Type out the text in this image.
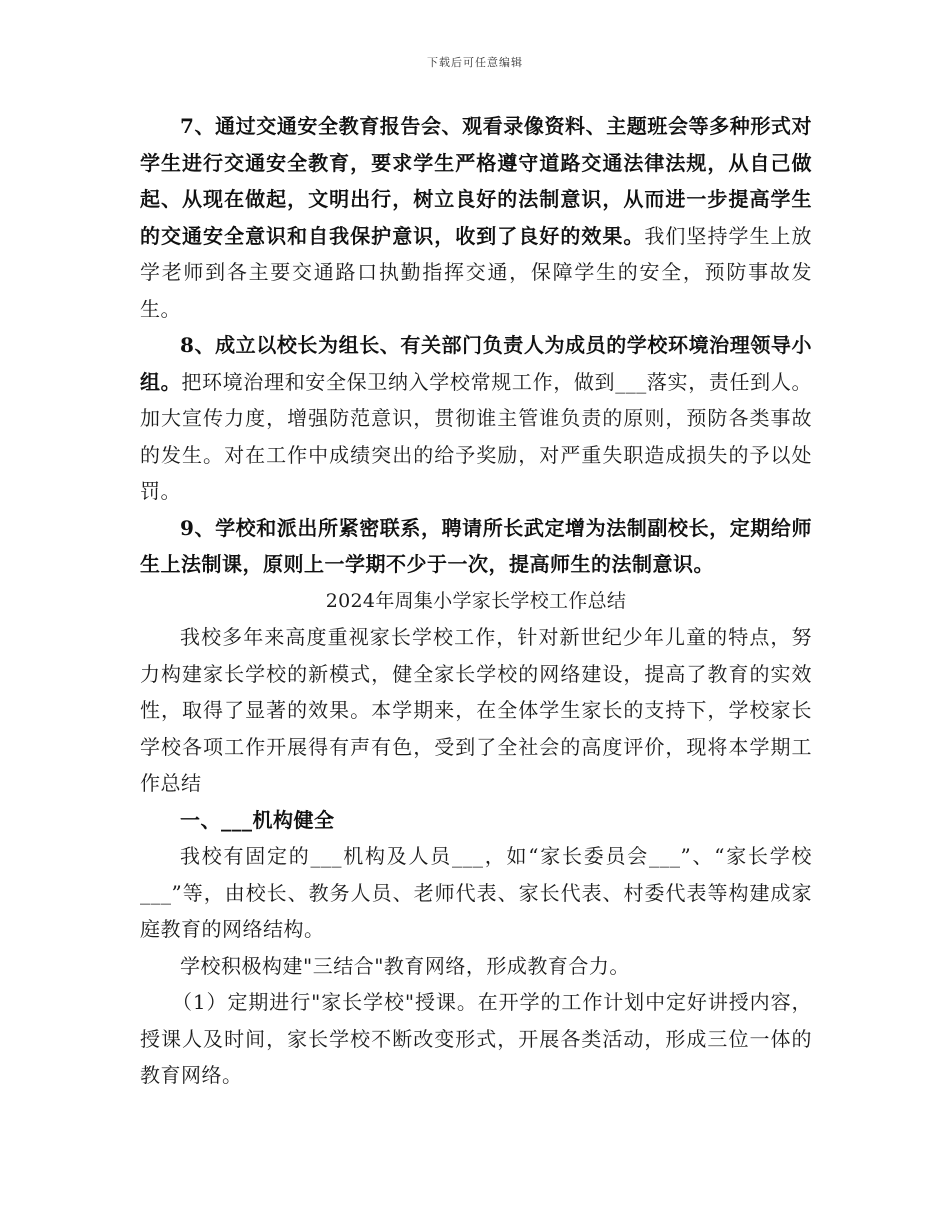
下载后可任意编辑

7、通过交通安全教育报告会、观看录像资料、主题班会等多种形式对学生进行交通安全教育，要求学生严格遵守道路交通法律法规，从自己做起、从现在做起，文明出行，树立良好的法制意识，从而进一步提高学生的交通安全意识和自我保护意识，收到了良好的效果。我们坚持学生上放学老师到各主要交通路口执勤指挥交通，保障学生的安全，预防事故发生。

8、成立以校长为组长、有关部门负责人为成员的学校环境治理领导小组。把环境治理和安全保卫纳入学校常规工作，做到___落实，责任到人。加大宣传力度，增强防范意识，贯彻谁主管谁负责的原则，预防各类事故的发生。对在工作中成绩突出的给予奖励，对严重失职造成损失的予以处罚。

9、学校和派出所紧密联系，聘请所长武定增为法制副校长，定期给师生上法制课，原则上一学期不少于一次，提高师生的法制意识。

2024年周集小学家长学校工作总结

我校多年来高度重视家长学校工作，针对新世纪少年儿童的特点，努力构建家长学校的新模式，健全家长学校的网络建设，提高了教育的实效性，取得了显著的效果。本学期来，在全体学生家长的支持下，学校家长学校各项工作开展得有声有色，受到了全社会的高度评价，现将本学期工作总结

一、___机构健全

我校有固定的___机构及人员___，如“家长委员会___”、“家长学校___”等，由校长、教务人员、老师代表、家长代表、村委代表等构建成家庭教育的网络结构。

学校积极构建"三结合"教育网络，形成教育合力。

（1）定期进行"家长学校"授课。在开学的工作计划中定好讲授内容，授课人及时间，家长学校不断改变形式，开展各类活动，形成三位一体的教育网络。
